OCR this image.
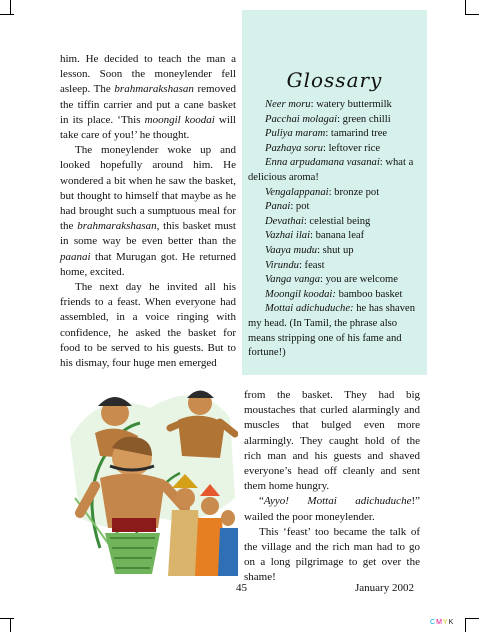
him. He decided to teach the man a lesson. Soon the moneylender fell asleep. The brahmarakshasan removed the tiffin carrier and put a cane basket in its place. ‘This moongil koodai will take care of you!’ he thought.

The moneylender woke up and looked hopefully around him. He wondered a bit when he saw the basket, but thought to himself that maybe as he had brought such a sumptuous meal for the brahmarakshasan, this basket must in some way be even better than the paanai that Murugan got. He returned home, excited.

The next day he invited all his friends to a feast. When everyone had assembled, in a voice ringing with confidence, he asked the basket for food to be served to his guests. But to his dismay, four huge men emerged

Glossary

Neer moru: watery buttermilk

Pacchai molagai: green chilli

Puliya maram: tamarind tree

Pazhaya soru: leftover rice

Enna arpudamana vasanai: what a delicious aroma!

Vengalappanai: bronze pot

Panai: pot

Devathai: celestial being

Vazhai ilai: banana leaf

Vaaya mudu: shut up

Virundu: feast

Vanga vanga: you are welcome

Moongil koodai: bamboo basket

Mottai adichuduche: he has shaven my head. (In Tamil, the phrase also means stripping one of his fame and fortune!)

from the basket. They had big moustaches that curled alarmingly and muscles that bulged even more alarmingly. They caught hold of the rich man and his guests and shaved everyone’s head off cleanly and sent them home hungry.

“Ayyo! Mottai adichuduche!” wailed the poor moneylender.

This ‘feast’ too became the talk of the village and the rich man had to go on a long pilgrimage to get over the shame!

45	January 2002
CMYK
